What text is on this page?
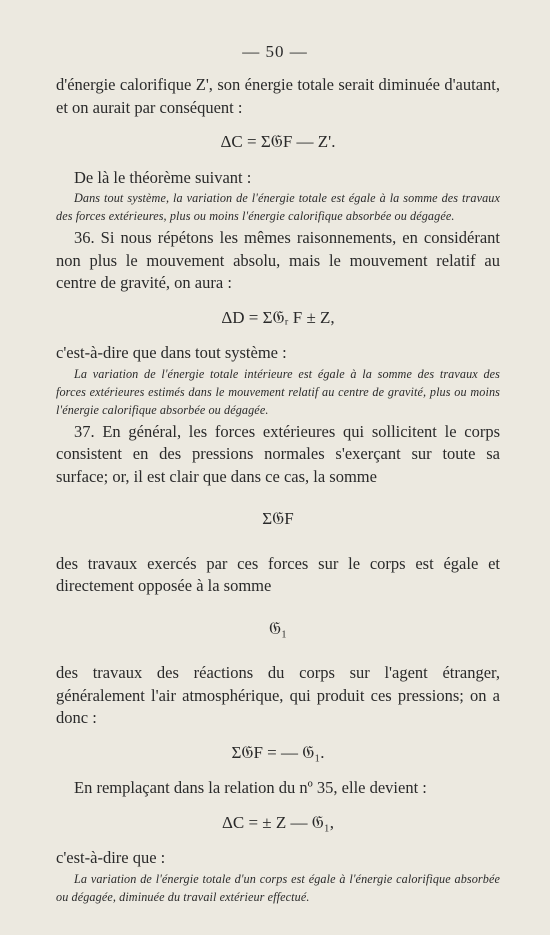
— 50 —

d'énergie calorifique Z', son énergie totale serait diminuée d'autant, et on aurait par conséquent :

ΔC = Σ𝔊F — Z'.

De là le théorème suivant :

Dans tout système, la variation de l'énergie totale est égale à la somme des travaux des forces extérieures, plus ou moins l'énergie calorifique absorbée ou dégagée.

36. Si nous répétons les mêmes raisonnements, en considérant non plus le mouvement absolu, mais le mouvement relatif au centre de gravité, on aura :

ΔD = Σ𝔊ᵣ F ± Z,

c'est-à-dire que dans tout système :

La variation de l'énergie totale intérieure est égale à la somme des travaux des forces extérieures estimés dans le mouvement relatif au centre de gravité, plus ou moins l'énergie calorifique absorbée ou dégagée.

37. En général, les forces extérieures qui sollicitent le corps consistent en des pressions normales s'exerçant sur toute sa surface; or, il est clair que dans ce cas, la somme

Σ𝔊F

des travaux exercés par ces forces sur le corps est égale et directement opposée à la somme

𝔊₁

des travaux des réactions du corps sur l'agent étranger, généralement l'air atmosphérique, qui produit ces pressions; on a donc :

Σ𝔊F = — 𝔊₁.

En remplaçant dans la relation du nº 35, elle devient :

ΔC = ± Z — 𝔊₁,

c'est-à-dire que :

La variation de l'énergie totale d'un corps est égale à l'énergie calorifique absorbée ou dégagée, diminuée du travail extérieur effectué.
